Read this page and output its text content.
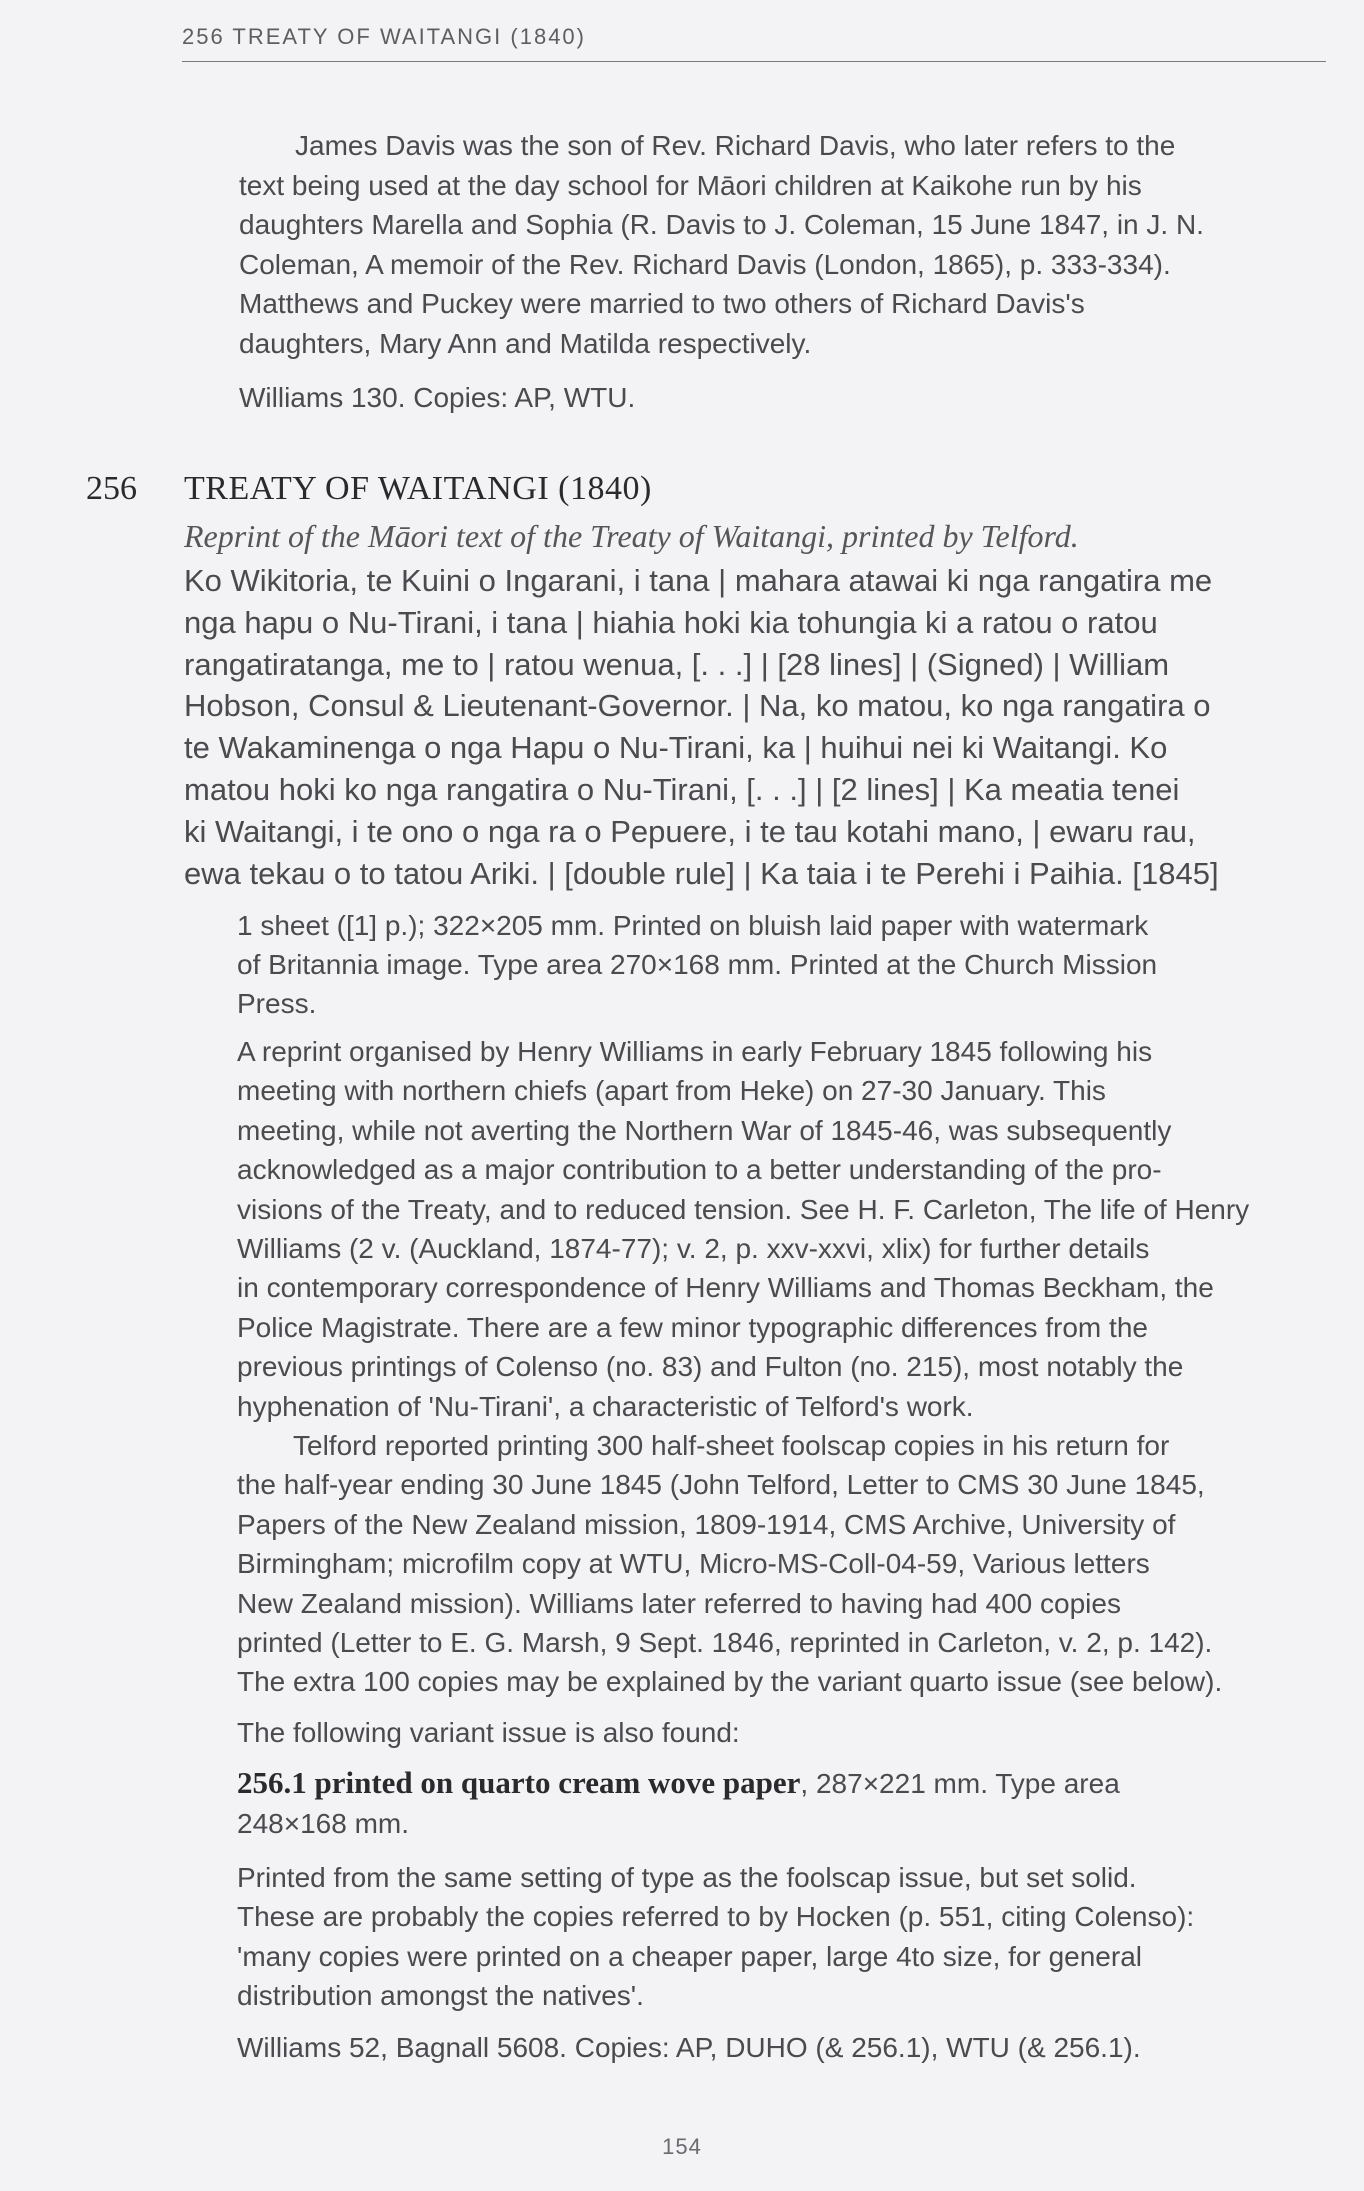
256 TREATY OF WAITANGI (1840)

James Davis was the son of Rev. Richard Davis, who later refers to the
text being used at the day school for Māori children at Kaikohe run by his
daughters Marella and Sophia (R. Davis to J. Coleman, 15 June 1847, in J. N.
Coleman, A memoir of the Rev. Richard Davis (London, 1865), p. 333-334).
Matthews and Puckey were married to two others of Richard Davis's
daughters, Mary Ann and Matilda respectively.

Williams 130. Copies: AP, WTU.

256 TREATY OF WAITANGI (1840)

Reprint of the Māori text of the Treaty of Waitangi, printed by Telford.

Ko Wikitoria, te Kuini o Ingarani, i tana | mahara atawai ki nga rangatira me
nga hapu o Nu-Tirani, i tana | hiahia hoki kia tohungia ki a ratou o ratou
rangatiratanga, me to | ratou wenua, [. . .] | [28 lines] | (Signed) | William
Hobson, Consul & Lieutenant-Governor. | Na, ko matou, ko nga rangatira o
te Wakaminenga o nga Hapu o Nu-Tirani, ka | huihui nei ki Waitangi. Ko
matou hoki ko nga rangatira o Nu-Tirani, [. . .] | [2 lines] | Ka meatia tenei
ki Waitangi, i te ono o nga ra o Pepuere, i te tau kotahi mano, | ewaru rau,
ewa tekau o to tatou Ariki. | [double rule] | Ka taia i te Perehi i Paihia. [1845]

1 sheet ([1] p.); 322×205 mm. Printed on bluish laid paper with watermark
of Britannia image. Type area 270×168 mm. Printed at the Church Mission
Press.

A reprint organised by Henry Williams in early February 1845 following his
meeting with northern chiefs (apart from Heke) on 27-30 January. This
meeting, while not averting the Northern War of 1845-46, was subsequently
acknowledged as a major contribution to a better understanding of the pro-
visions of the Treaty, and to reduced tension. See H. F. Carleton, The life of Henry
Williams (2 v. (Auckland, 1874-77); v. 2, p. xxv-xxvi, xlix) for further details
in contemporary correspondence of Henry Williams and Thomas Beckham, the
Police Magistrate. There are a few minor typographic differences from the
previous printings of Colenso (no. 83) and Fulton (no. 215), most notably the
hyphenation of 'Nu-Tirani', a characteristic of Telford's work.

Telford reported printing 300 half-sheet foolscap copies in his return for
the half-year ending 30 June 1845 (John Telford, Letter to CMS 30 June 1845,
Papers of the New Zealand mission, 1809-1914, CMS Archive, University of
Birmingham; microfilm copy at WTU, Micro-MS-Coll-04-59, Various letters
New Zealand mission). Williams later referred to having had 400 copies
printed (Letter to E. G. Marsh, 9 Sept. 1846, reprinted in Carleton, v. 2, p. 142).
The extra 100 copies may be explained by the variant quarto issue (see below).

The following variant issue is also found:

256.1 printed on quarto cream wove paper, 287×221 mm. Type area
248×168 mm.

Printed from the same setting of type as the foolscap issue, but set solid.
These are probably the copies referred to by Hocken (p. 551, citing Colenso):
'many copies were printed on a cheaper paper, large 4to size, for general
distribution amongst the natives'.

Williams 52, Bagnall 5608. Copies: AP, DUHO (& 256.1), WTU (& 256.1).

154
